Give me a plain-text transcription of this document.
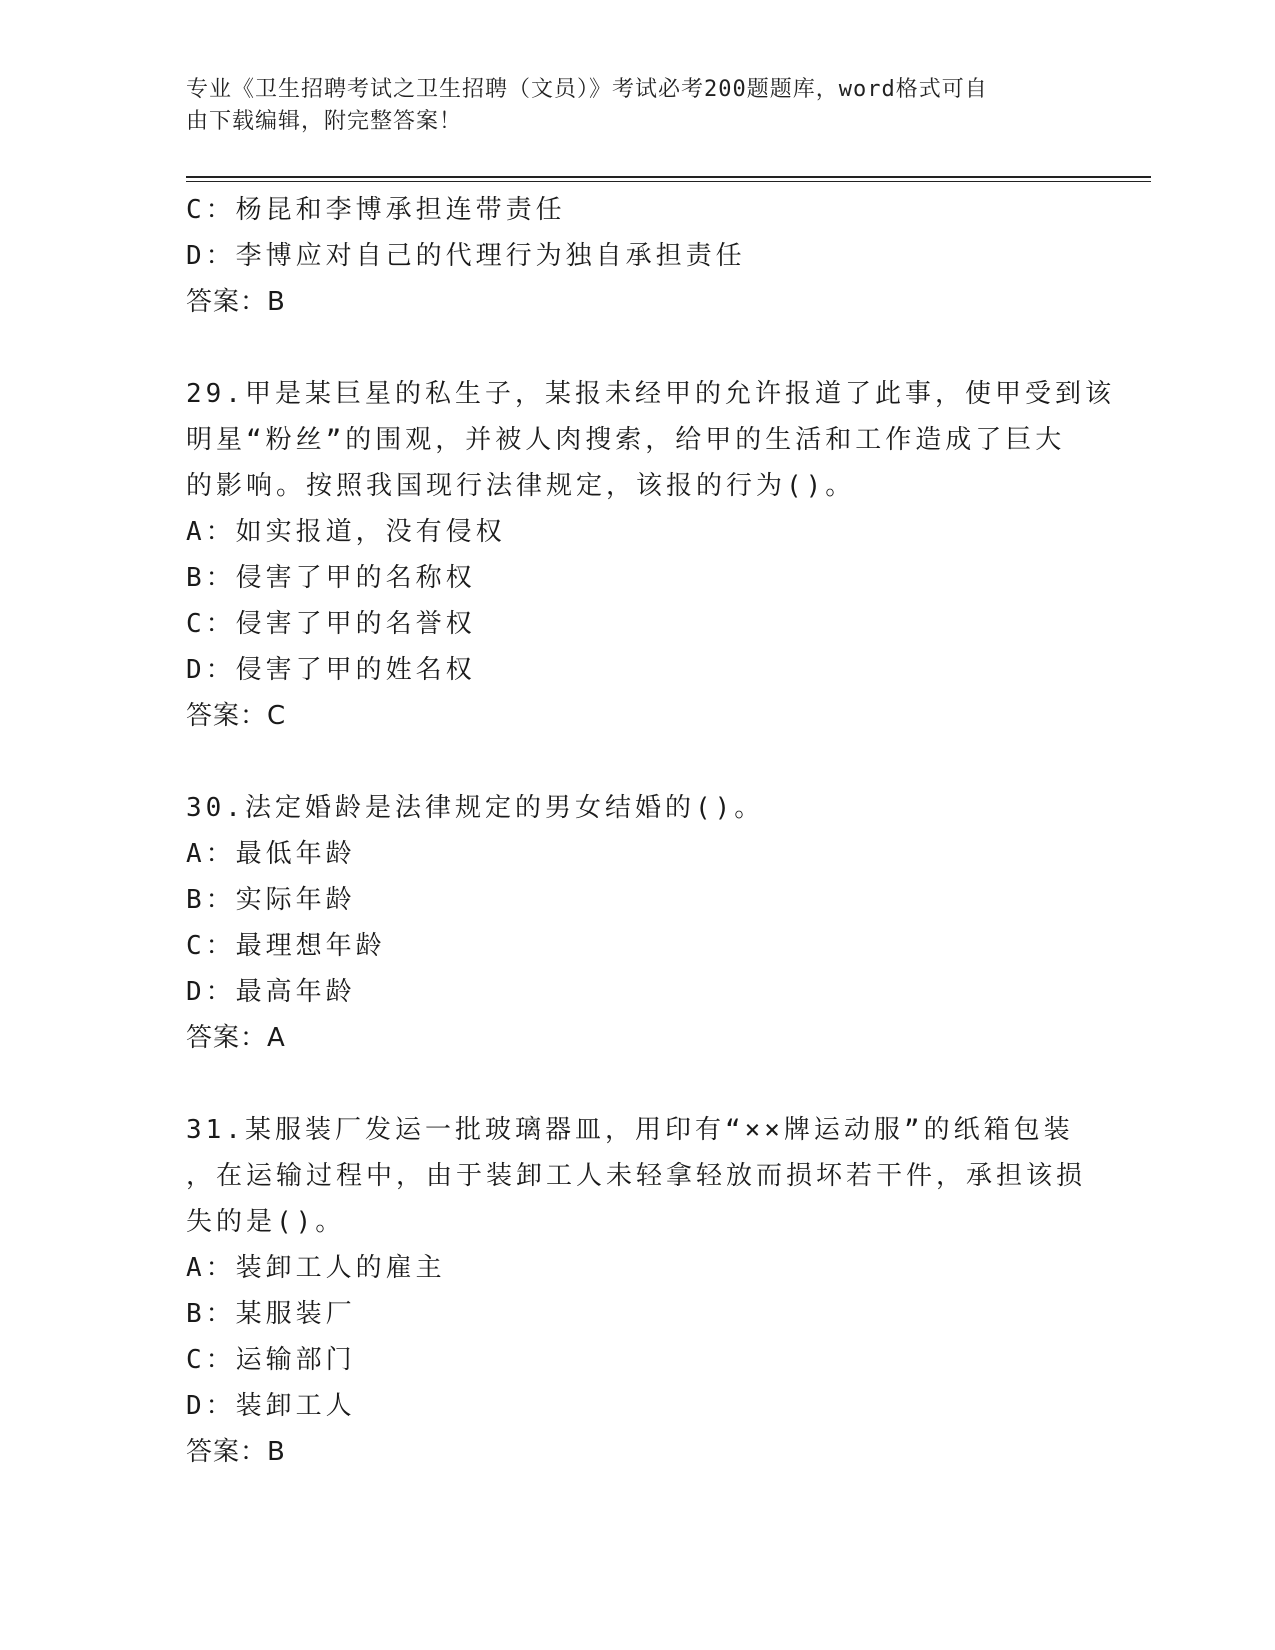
专业《卫生招聘考试之卫生招聘（文员）》考试必考200题题库，word格式可自
由下载编辑，附完整答案！
C：杨昆和李博承担连带责任
D：李博应对自己的代理行为独自承担责任
答案：B
29.甲是某巨星的私生子，某报未经甲的允许报道了此事，使甲受到该
明星“粉丝”的围观，并被人肉搜索，给甲的生活和工作造成了巨大
的影响。按照我国现行法律规定，该报的行为()。
A：如实报道，没有侵权
B：侵害了甲的名称权
C：侵害了甲的名誉权
D：侵害了甲的姓名权
答案：C
30.法定婚龄是法律规定的男女结婚的()。
A：最低年龄
B：实际年龄
C：最理想年龄
D：最高年龄
答案：A
31.某服装厂发运一批玻璃器皿，用印有“××牌运动服”的纸箱包装
，在运输过程中，由于装卸工人未轻拿轻放而损坏若干件，承担该损
失的是()。
A：装卸工人的雇主
B：某服装厂
C：运输部门
D：装卸工人
答案：B
